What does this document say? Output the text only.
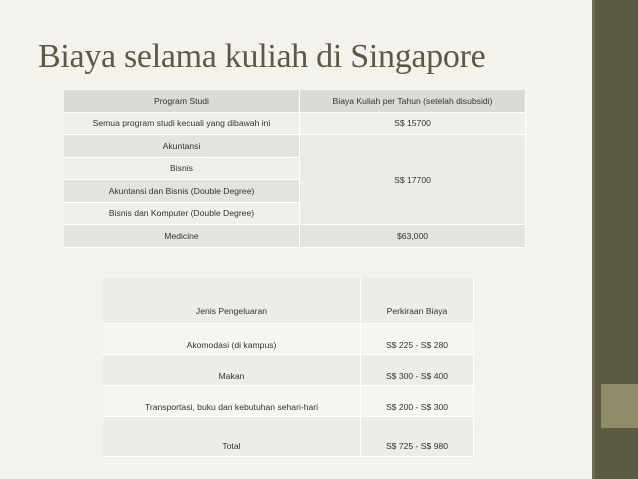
Biaya selama kuliah di Singapore
Program Studi	Biaya Kuliah per Tahun (setelah disubsidi)
Semua program studi kecuali yang dibawah ini	S$ 15700
Akuntansi	S$ 17700
Bisnis	
Akuntansi dan Bisnis (Double Degree)	
Bisnis dan Komputer (Double Degree)	
Medicine	$63,000
Jenis Pengeluaran	Perkiraan Biaya
Akomodasi (di kampus)	S$ 225 - S$ 280
Makan	S$ 300 - S$ 400
Transportasi, buku dan kebutuhan sehari-hari	S$ 200 - S$ 300
Total	S$ 725 - S$ 980
